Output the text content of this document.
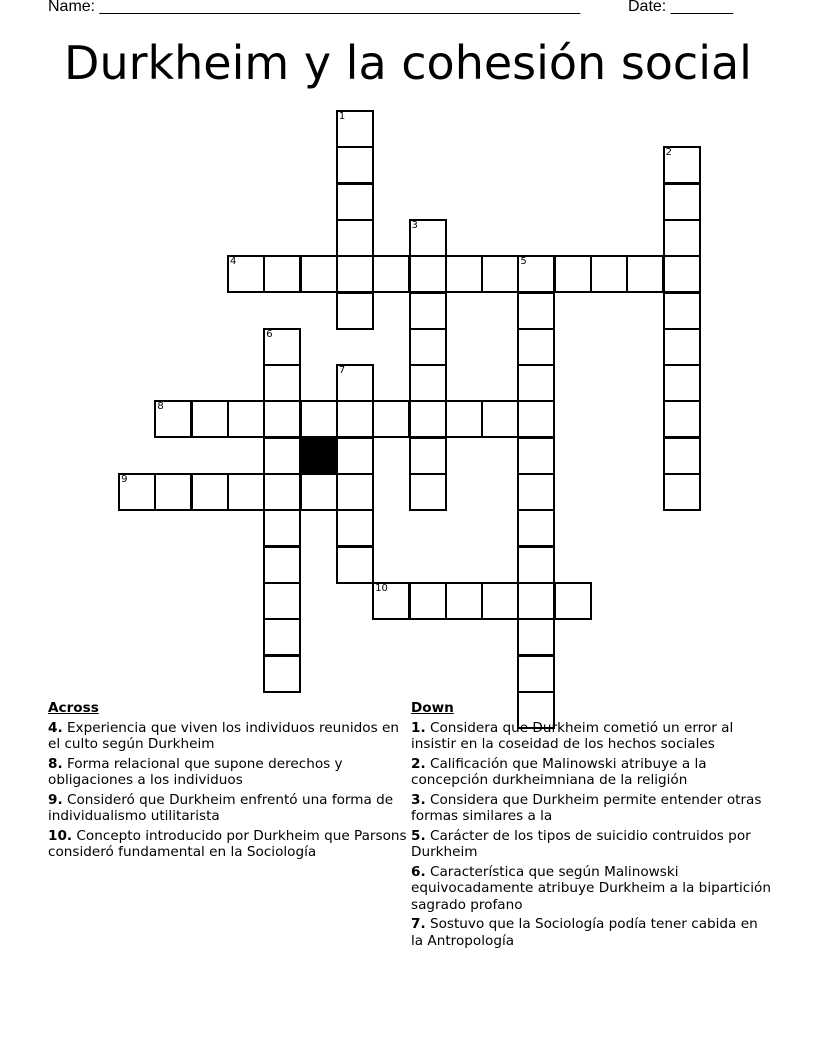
Name: ______________________________________________________	Date: _______
Durkheim y la cohesión social
1
2
3
4	5
6
7
8
9
10
Across
4. Experiencia que viven los individuos reunidos en el culto según Durkheim
8. Forma relacional que supone derechos y obligaciones a los individuos
9. Consideró que Durkheim enfrentó una forma de individualismo utilitarista
10. Concepto introducido por Durkheim que Parsons consideró fundamental en la Sociología
Down
1. Considera que Durkheim cometió un error al insistir en la coseidad de los hechos sociales
2. Calificación que Malinowski atribuye a la concepción durkheimniana de la religión
3. Considera que Durkheim permite entender otras formas similares a la
5. Carácter de los tipos de suicidio contruidos por Durkheim
6. Característica que según Malinowski equivocadamente atribuye Durkheim a la bipartición sagrado profano
7. Sostuvo que la Sociología podía tener cabida en la Antropología
